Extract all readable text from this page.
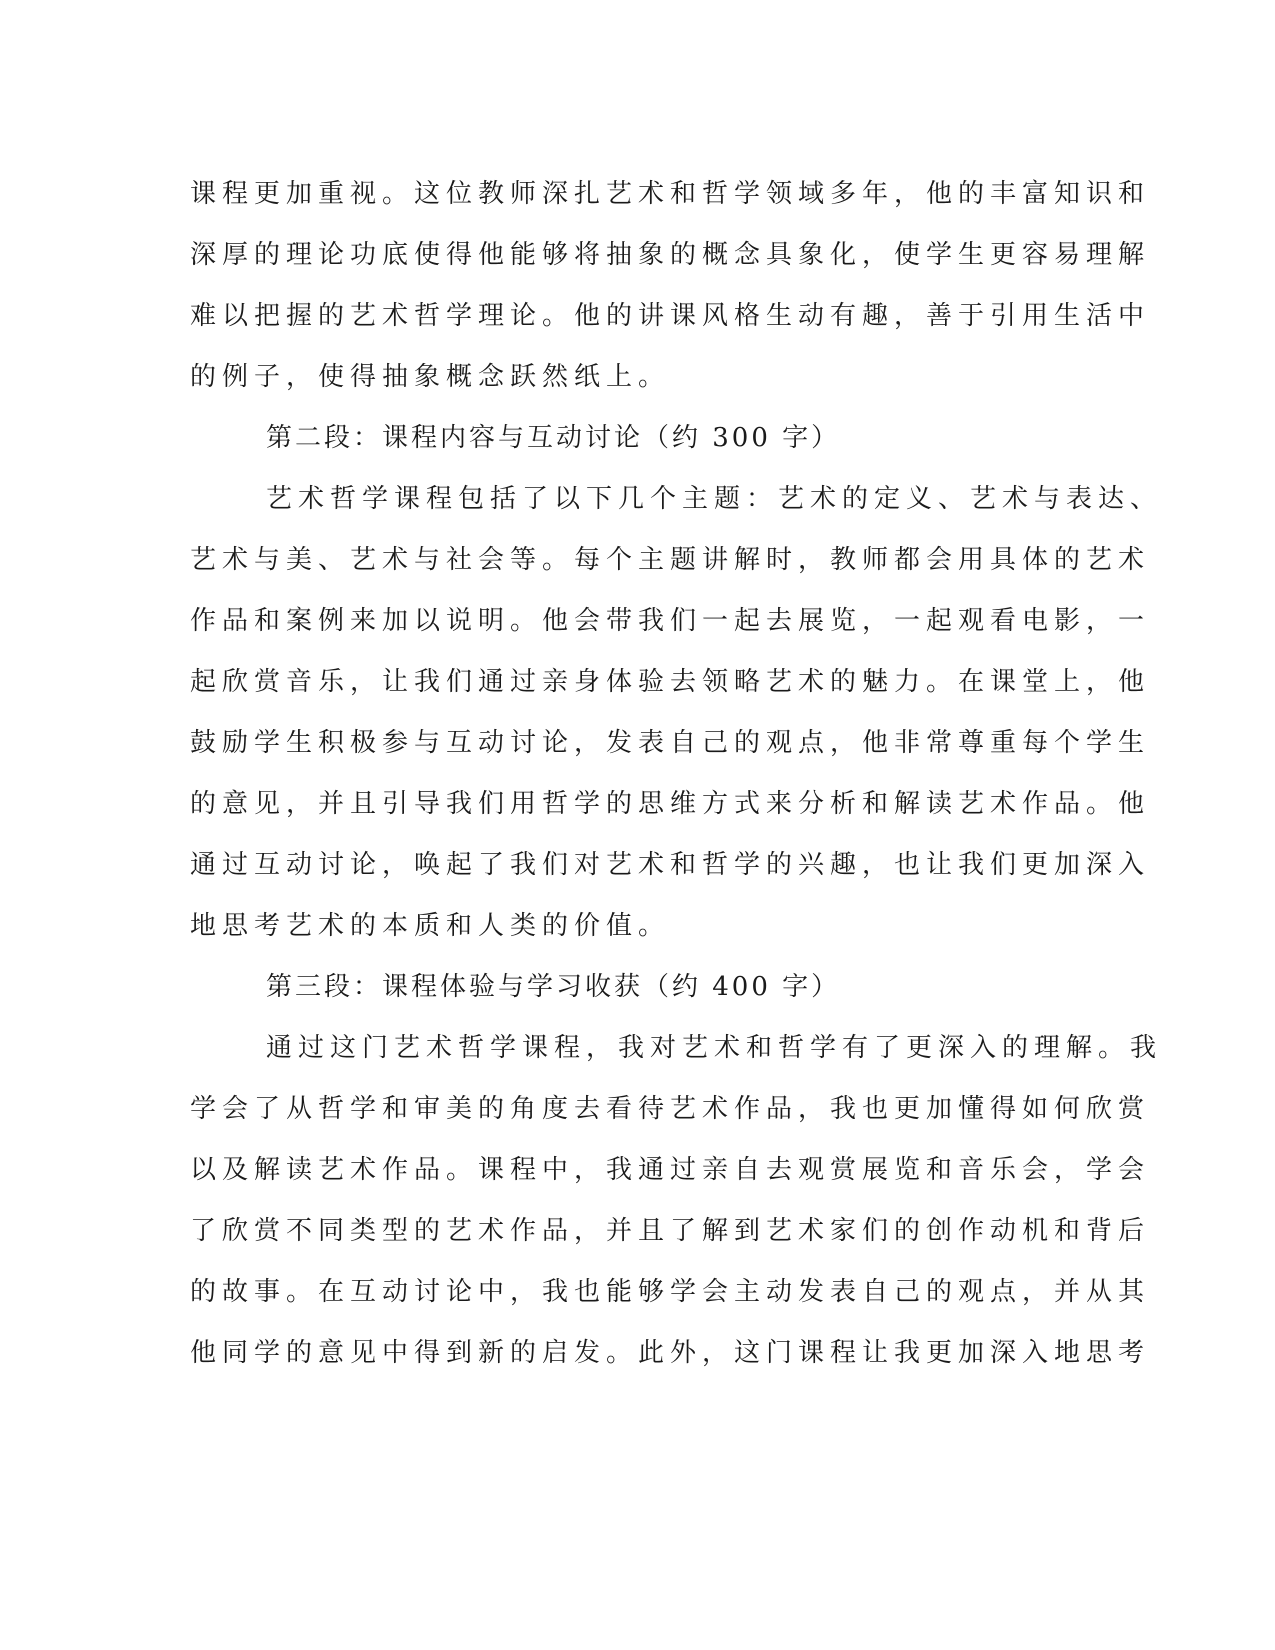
课程更加重视。这位教师深扎艺术和哲学领域多年，他的丰富知识和
深厚的理论功底使得他能够将抽象的概念具象化，使学生更容易理解
难以把握的艺术哲学理论。他的讲课风格生动有趣，善于引用生活中
的例子，使得抽象概念跃然纸上。
第二段：课程内容与互动讨论（约 300 字）
艺术哲学课程包括了以下几个主题：艺术的定义、艺术与表达、
艺术与美、艺术与社会等。每个主题讲解时，教师都会用具体的艺术
作品和案例来加以说明。他会带我们一起去展览，一起观看电影，一
起欣赏音乐，让我们通过亲身体验去领略艺术的魅力。在课堂上，他
鼓励学生积极参与互动讨论，发表自己的观点，他非常尊重每个学生
的意见，并且引导我们用哲学的思维方式来分析和解读艺术作品。他
通过互动讨论，唤起了我们对艺术和哲学的兴趣，也让我们更加深入
地思考艺术的本质和人类的价值。
第三段：课程体验与学习收获（约 400 字）
通过这门艺术哲学课程，我对艺术和哲学有了更深入的理解。我
学会了从哲学和审美的角度去看待艺术作品，我也更加懂得如何欣赏
以及解读艺术作品。课程中，我通过亲自去观赏展览和音乐会，学会
了欣赏不同类型的艺术作品，并且了解到艺术家们的创作动机和背后
的故事。在互动讨论中，我也能够学会主动发表自己的观点，并从其
他同学的意见中得到新的启发。此外，这门课程让我更加深入地思考
